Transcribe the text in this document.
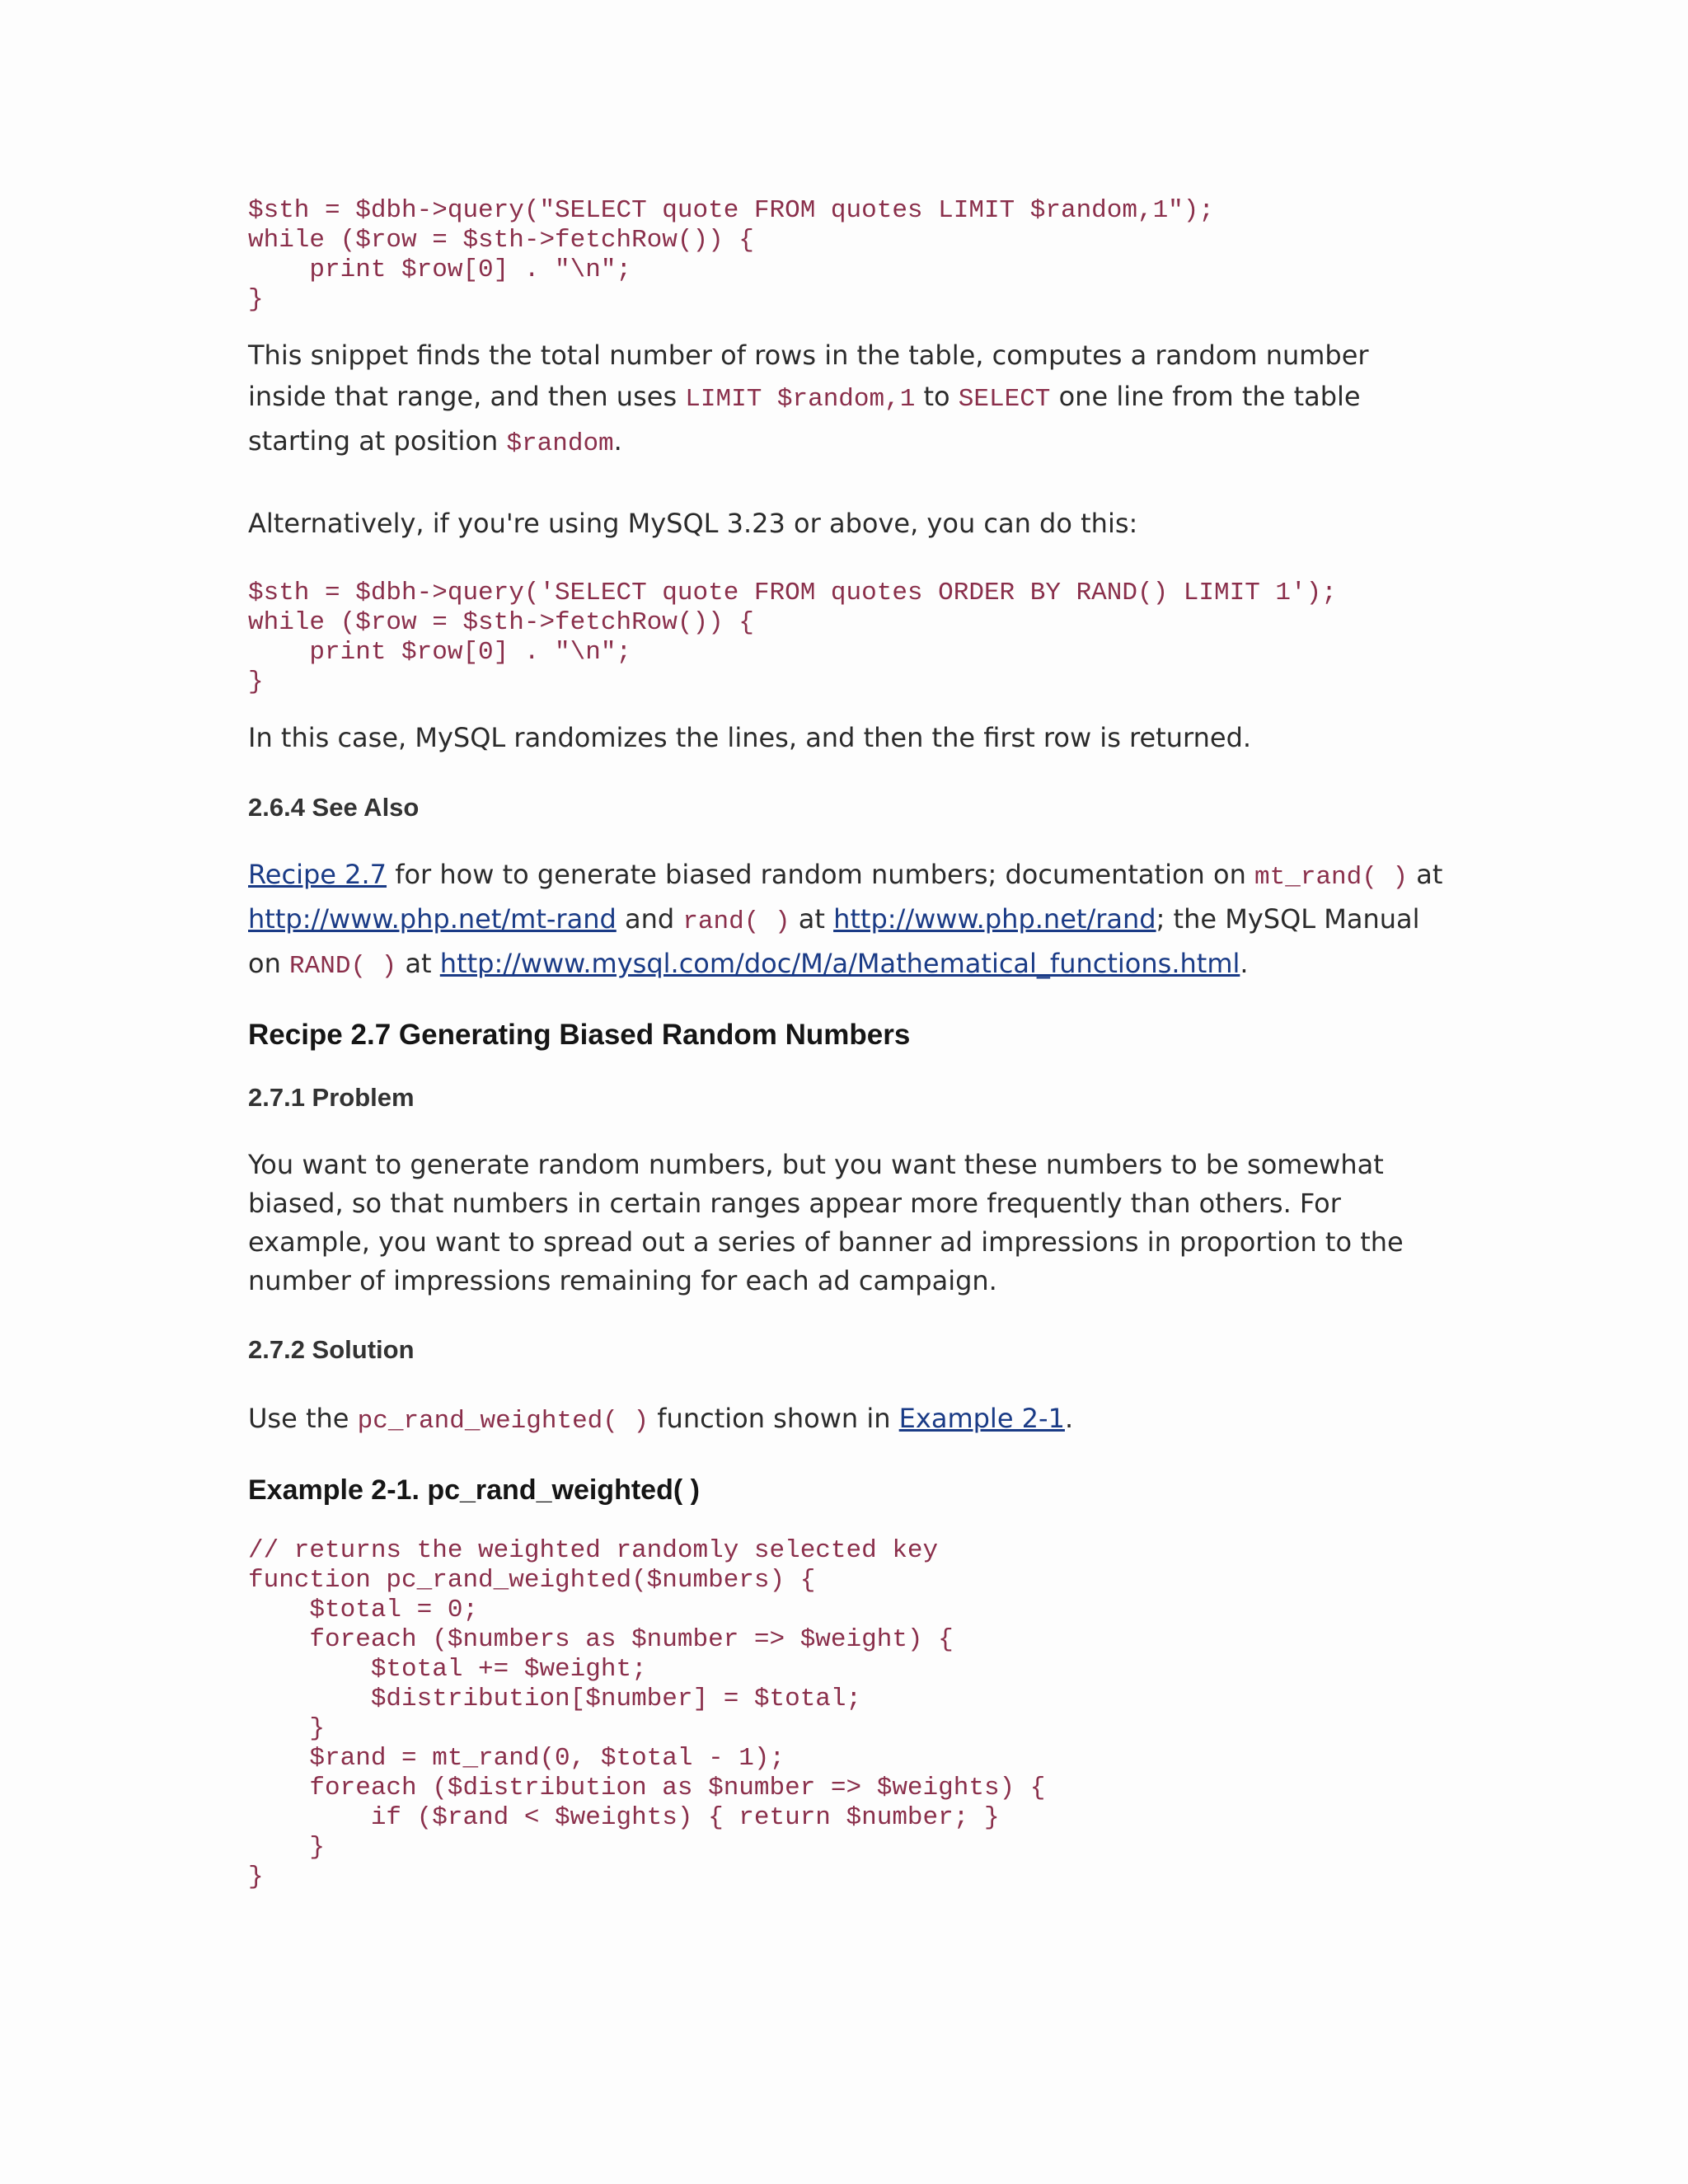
$sth = $dbh->query("SELECT quote FROM quotes LIMIT $random,1");
while ($row = $sth->fetchRow()) {
print $row[0] . "\n";
}

This snippet finds the total number of rows in the table, computes a random number inside that range, and then uses LIMIT $random,1 to SELECT one line from the table starting at position $random.

Alternatively, if you're using MySQL 3.23 or above, you can do this:

$sth = $dbh->query('SELECT quote FROM quotes ORDER BY RAND() LIMIT 1');
while ($row = $sth->fetchRow()) {
print $row[0] . "\n";
}

In this case, MySQL randomizes the lines, and then the first row is returned.

2.6.4 See Also

Recipe 2.7 for how to generate biased random numbers; documentation on mt_rand( ) at http://www.php.net/mt-rand and rand( ) at http://www.php.net/rand; the MySQL Manual on RAND( ) at http://www.mysql.com/doc/M/a/Mathematical_functions.html.

Recipe 2.7 Generating Biased Random Numbers
2.7.1 Problem

You want to generate random numbers, but you want these numbers to be somewhat biased, so that numbers in certain ranges appear more frequently than others. For example, you want to spread out a series of banner ad impressions in proportion to the number of impressions remaining for each ad campaign.

2.7.2 Solution

Use the pc_rand_weighted( ) function shown in Example 2-1.

Example 2-1. pc_rand_weighted( )
// returns the weighted randomly selected key
function pc_rand_weighted($numbers) {
$total = 0;
foreach ($numbers as $number => $weight) {
$total += $weight;
$distribution[$number] = $total;
}
$rand = mt_rand(0, $total - 1);
foreach ($distribution as $number => $weights) {
if ($rand < $weights) { return $number; }
}
}
